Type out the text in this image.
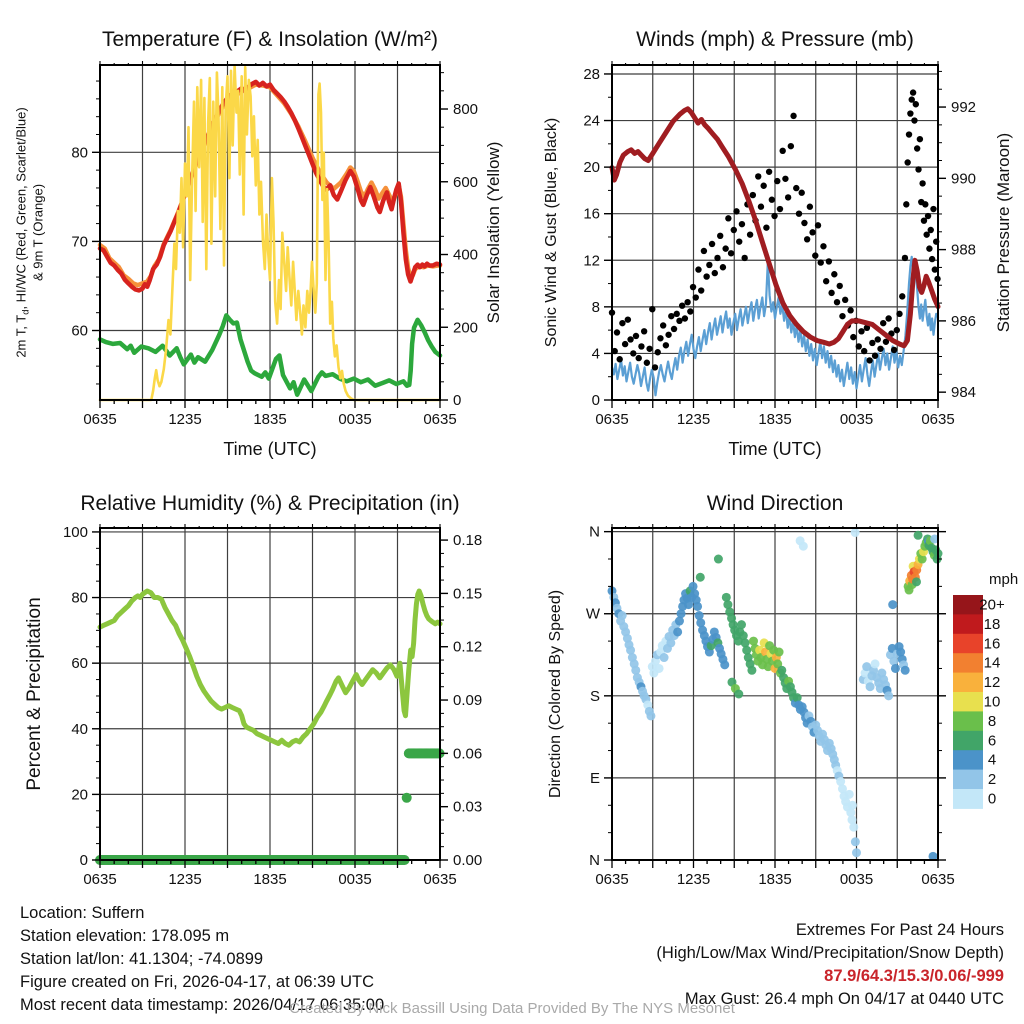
0635	1235	1835	0035	0635
60
70
80
0
200
400
600
800
Temperature (F) & Insolation (W/m²)
Time (UTC)
2m T, $T_d$, HI/WC (Red, Green, Scarlet/Blue) & 9m T (Orange)	Solar Insolation (Yellow)
0635	1235	1835	0035	0635
0
4
8
12
16
20
24
28
984
986
988
990
992
Winds (mph) & Pressure (mb)
Time (UTC)
Sonic Wind & Gust (Blue, Black)	Station Pressure (Maroon)
0635	1235	1835	0035	0635
0
20
40
60
80
100
0.00
0.03
0.06
0.09
0.12
0.15
0.18
Relative Humidity (%) & Precipitation (in)
Percent & Precipitation
0635	1235	1835	0035	0635
N
E
S
W
N
mph
20+
18
16
14
12
10
8
6
4
2
0
Wind Direction
Direction (Colored By Speed)
Location: Suffern
Station elevation: 178.095 m
Station lat/lon: 41.1304; -74.0899
Figure created on Fri, 2026-04-17, at 06:39 UTC
Most recent data timestamp: 2026/04/17 06:35:00
Extremes For Past 24 Hours
(High/Low/Max Wind/Precipitation/Snow Depth)
87.9/64.3/15.3/0.06/-999
Max Gust: 26.4 mph On 04/17 at 0440 UTC
Created By Nick Bassill Using Data Provided By The NYS Mesonet
